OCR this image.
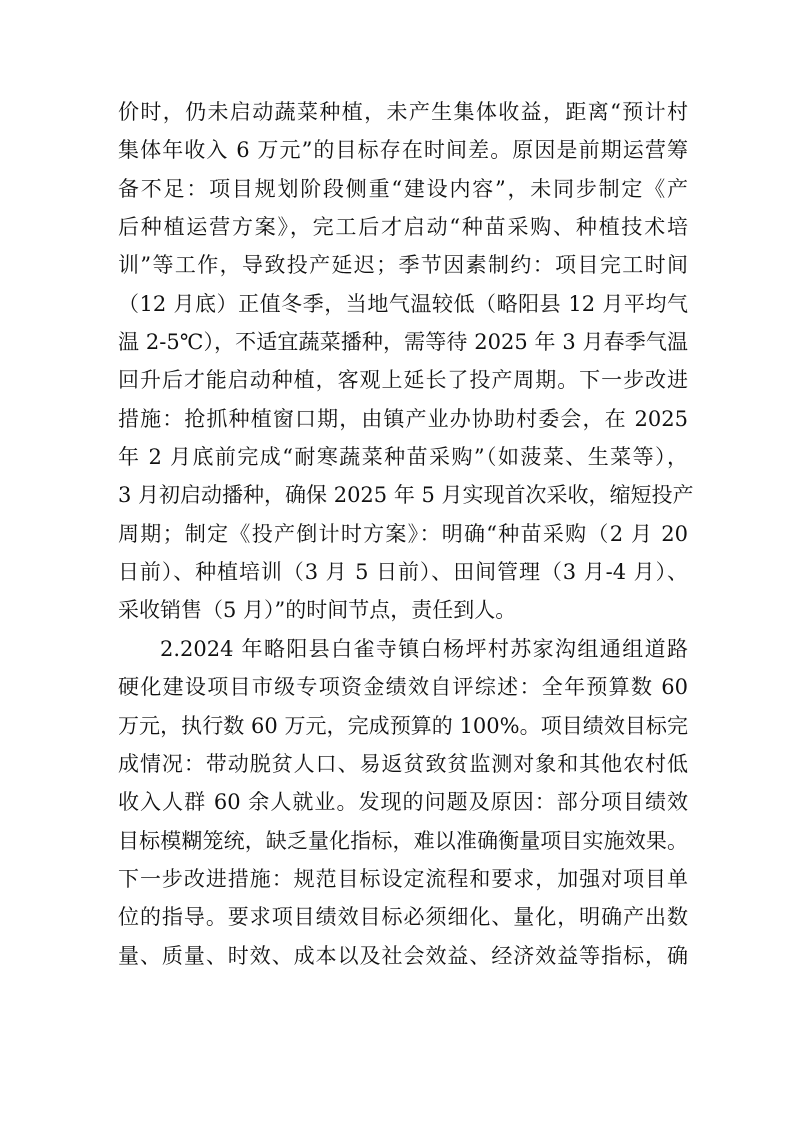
价时，仍未启动蔬菜种植，未产生集体收益，距离“预计村
集体年收入 6 万元”的目标存在时间差。原因是前期运营筹
备不足：项目规划阶段侧重“建设内容”，未同步制定《产
后种植运营方案》，完工后才启动“种苗采购、种植技术培
训”等工作，导致投产延迟；季节因素制约：项目完工时间
（12 月底）正值冬季，当地气温较低（略阳县 12 月平均气
温 2-5℃），不适宜蔬菜播种，需等待 2025 年 3 月春季气温
回升后才能启动种植，客观上延长了投产周期。下一步改进
措施：抢抓种植窗口期，由镇产业办协助村委会，在 2025
年 2 月底前完成“耐寒蔬菜种苗采购”（如菠菜、生菜等），
3 月初启动播种，确保 2025 年 5 月实现首次采收，缩短投产
周期；制定《投产倒计时方案》：明确“种苗采购（2 月 20
日前）、种植培训（3 月 5 日前）、田间管理（3 月-4 月）、
采收销售（5 月）”的时间节点，责任到人。
2.2024 年略阳县白雀寺镇白杨坪村苏家沟组通组道路
硬化建设项目市级专项资金绩效自评综述：全年预算数 60
万元，执行数 60 万元，完成预算的 100%。项目绩效目标完
成情况：带动脱贫人口、易返贫致贫监测对象和其他农村低
收入人群 60 余人就业。发现的问题及原因：部分项目绩效
目标模糊笼统，缺乏量化指标，难以准确衡量项目实施效果。
下一步改进措施：规范目标设定流程和要求，加强对项目单
位的指导。要求项目绩效目标必须细化、量化，明确产出数
量、质量、时效、成本以及社会效益、经济效益等指标，确
